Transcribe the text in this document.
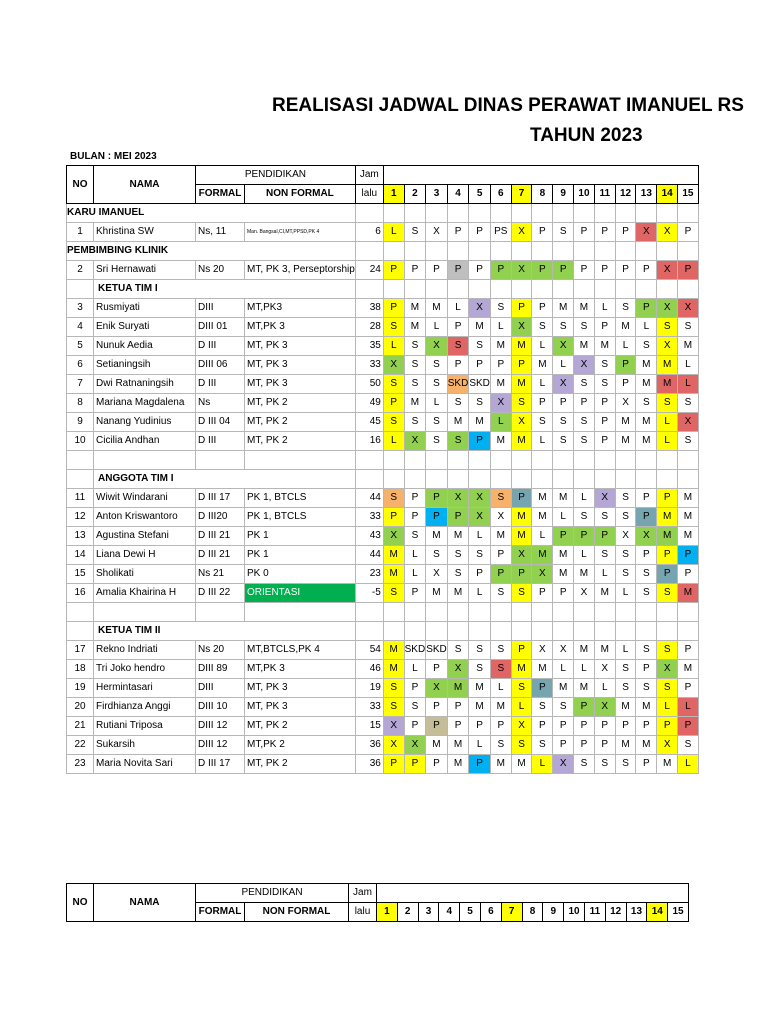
REALISASI JADWAL DINAS PERAWAT IMANUEL RS
TAHUN 2023
BULAN : MEI 2023
NO	NAMA	PENDIDIKAN		Jam															
		FORMAL	NON FORMAL	lalu	1	2	3	4	5	6	7	8	9	10	11	12	13	14	15
KARU IMANUEL																			
1	Khristina SW	Ns, 11	Man. Bangsal,CI,MT,PPSD,PK 4	6	L	S	X	P	P	PS	X	P	S	P	P	P	X	X	P
PEMBIMBING KLINIK																			
2	Sri Hernawati	Ns 20	MT, PK 3, Perseptorship	24	P	P	P	P	P	P	X	P	P	P	P	P	P	X	P
	KETUA TIM I																		
3	Rusmiyati	DIII	MT,PK3	38	P	M	M	L	X	S	P	P	M	M	L	S	P	X	X
4	Enik Suryati	DIII 01	MT,PK 3	28	S	M	L	P	M	L	X	S	S	S	P	M	L	S	S
5	Nunuk Aedia	D III	MT, PK 3	35	L	S	X	S	S	M	M	L	X	M	M	L	S	X	M
6	Setianingsih	DIII 06	MT, PK 3	33	X	S	S	P	P	P	P	M	L	X	S	P	M	M	L
7	Dwi Ratnaningsih	D III	MT, PK 3	50	S	S	S	SKD	SKD	M	M	L	X	S	S	P	M	M	L
8	Mariana Magdalena	Ns	MT, PK 2	49	P	M	L	S	S	X	S	P	P	P	P	X	S	S	S
9	Nanang Yudinius	D III 04	MT, PK 2	45	S	S	S	M	M	L	X	S	S	S	P	M	M	L	X
10	Cicilia Andhan	D III	MT, PK 2	16	L	X	S	S	P	M	M	L	S	S	P	M	M	L	S

	ANGGOTA TIM I																		
11	Wiwit Windarani	D III 17	PK 1, BTCLS	44	S	P	P	X	X	S	P	M	M	L	X	S	P	P	M
12	Anton Kriswantoro	D III20	PK 1, BTCLS	33	P	P	P	P	X	X	M	M	L	S	S	S	P	M	M
13	Agustina Stefani	D III 21	PK 1	43	X	S	M	M	L	M	M	L	P	P	P	X	X	M	M
14	Liana Dewi H	D III 21	PK 1	44	M	L	S	S	S	P	X	M	M	L	S	S	P	P	P
15	Sholikati	Ns 21	PK 0	23	M	L	X	S	P	P	P	X	M	M	L	S	S	P	P
16	Amalia Khairina H	D III 22	ORIENTASI	-5	S	P	M	M	L	S	S	P	P	X	M	L	S	S	M

	KETUA TIM II																		
17	Rekno Indriati	Ns 20	MT,BTCLS,PK 4	54	M	SKD	SKD	S	S	S	P	X	X	M	M	L	S	S	P
18	Tri Joko hendro	DIII 89	MT,PK 3	46	M	L	P	X	S	S	M	M	L	L	X	S	P	X	M
19	Hermintasari	DIII	MT, PK 3	19	S	P	X	M	M	L	S	P	M	M	L	S	S	S	P
20	Firdhianza Anggi	DIII 10	MT, PK 3	33	S	S	P	P	M	M	L	S	S	P	X	M	M	L	L
21	Rutiani Triposa	DIII 12	MT, PK 2	15	X	P	P	P	P	P	X	P	P	P	P	P	P	P	P
22	Sukarsih	DIII 12	MT,PK 2	36	X	X	M	M	L	S	S	S	P	P	P	M	M	X	S
23	Maria Novita Sari	D III 17	MT, PK 2	36	P	P	P	M	P	M	M	L	X	S	S	S	P	M	L
NO	NAMA	PENDIDIKAN		Jam															
		FORMAL	NON FORMAL	lalu	1	2	3	4	5	6	7	8	9	10	11	12	13	14	15
